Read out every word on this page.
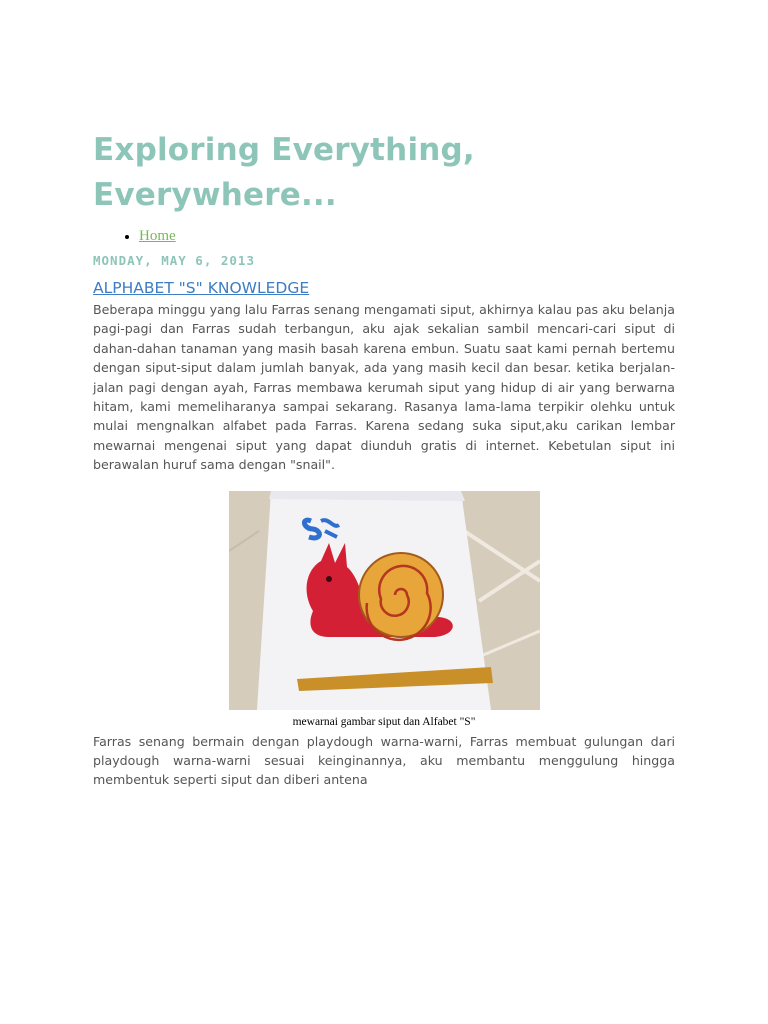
Exploring Everything,
Everywhere...
• Home
MONDAY, MAY 6, 2013
ALPHABET "S" KNOWLEDGE

Beberapa minggu yang lalu Farras senang mengamati siput, akhirnya kalau pas aku belanja pagi-pagi dan Farras sudah terbangun, aku ajak sekalian sambil mencari-cari siput di dahan-dahan tanaman yang masih basah karena embun. Suatu saat kami pernah bertemu dengan siput-siput dalam jumlah banyak, ada yang masih kecil dan besar. ketika berjalan-jalan pagi dengan ayah, Farras membawa kerumah siput yang hidup di air yang berwarna hitam, kami memeliharanya sampai sekarang. Rasanya lama-lama terpikir olehku untuk mulai mengnalkan alfabet pada Farras. Karena sedang suka siput,aku carikan lembar mewarnai mengenai siput yang dapat diunduh gratis di internet. Kebetulan siput ini berawalan huruf sama dengan "snail".

mewarnai gambar siput dan Alfabet "S"

Farras senang bermain dengan playdough warna-warni, Farras membuat gulungan dari playdough warna-warni sesuai keinginannya, aku membantu menggulung hingga membentuk seperti siput dan diberi antena
